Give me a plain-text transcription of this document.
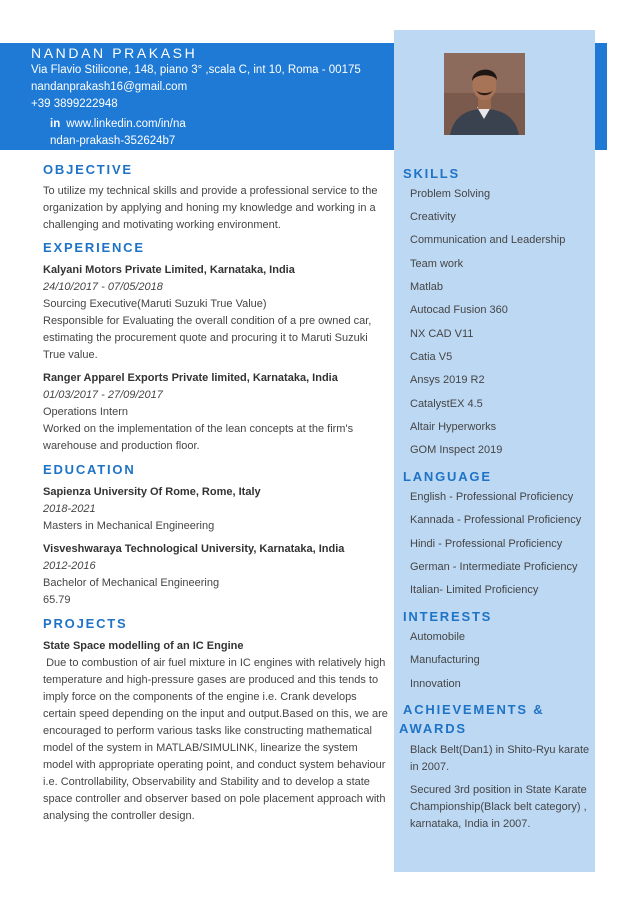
NANDAN PRAKASH
Via Flavio Stilicone, 148, piano 3° ,scala C, int 10, Roma - 00175
nandanprakash16@gmail.com
+39 3899222948
in www.linkedin.com/in/na
ndan-prakash-352624b7
OBJECTIVE

To utilize my technical skills and provide a professional service to the organization by applying and honing my knowledge and working in a challenging and motivating working environment.

EXPERIENCE

Kalyani Motors Private Limited, Karnataka, India

24/10/2017 - 07/05/2018

Sourcing Executive(Maruti Suzuki True Value)

Responsible for Evaluating the overall condition of a pre owned car, estimating the procurement quote and procuring it to Maruti Suzuki True value.

Ranger Apparel Exports Private limited, Karnataka, India

01/03/2017 - 27/09/2017

Operations Intern

Worked on the implementation of the lean concepts at the firm's warehouse and production floor.

EDUCATION

Sapienza University Of Rome, Rome, Italy

2018-2021

Masters in Mechanical Engineering

Visveshwaraya Technological University, Karnataka, India

2012-2016

Bachelor of Mechanical Engineering

65.79

PROJECTS

State Space modelling of an IC Engine

Due to combustion of air fuel mixture in IC engines with relatively high temperature and high-pressure gases are produced and this tends to imply force on the components of the engine i.e. Crank develops certain speed depending on the input and output.Based on this, we are encouraged to perform various tasks like constructing mathematical model of the system in MATLAB/SIMULINK, linearize the system model with appropriate operating point, and conduct system behaviour i.e. Controllability, Observability and Stability and to develop a state space controller and observer based on pole placement approach with analysing the controller design.

SKILLS
Problem Solving
Creativity
Communication and Leadership
Team work
Matlab
Autocad Fusion 360
NX CAD V11
Catia V5
Ansys 2019 R2
CatalystEX 4.5
Altair Hyperworks
GOM Inspect 2019
LANGUAGE
English - Professional Proficiency
Kannada - Professional Proficiency
Hindi - Professional Proficiency
German - Intermediate Proficiency
Italian- Limited Proficiency
INTERESTS
Automobile
Manufacturing
Innovation
ACHIEVEMENTS &
AWARDS
Black Belt(Dan1) in Shito-Ryu karate in 2007.
Secured 3rd position in State Karate Championship(Black belt category) , karnataka, India in 2007.
